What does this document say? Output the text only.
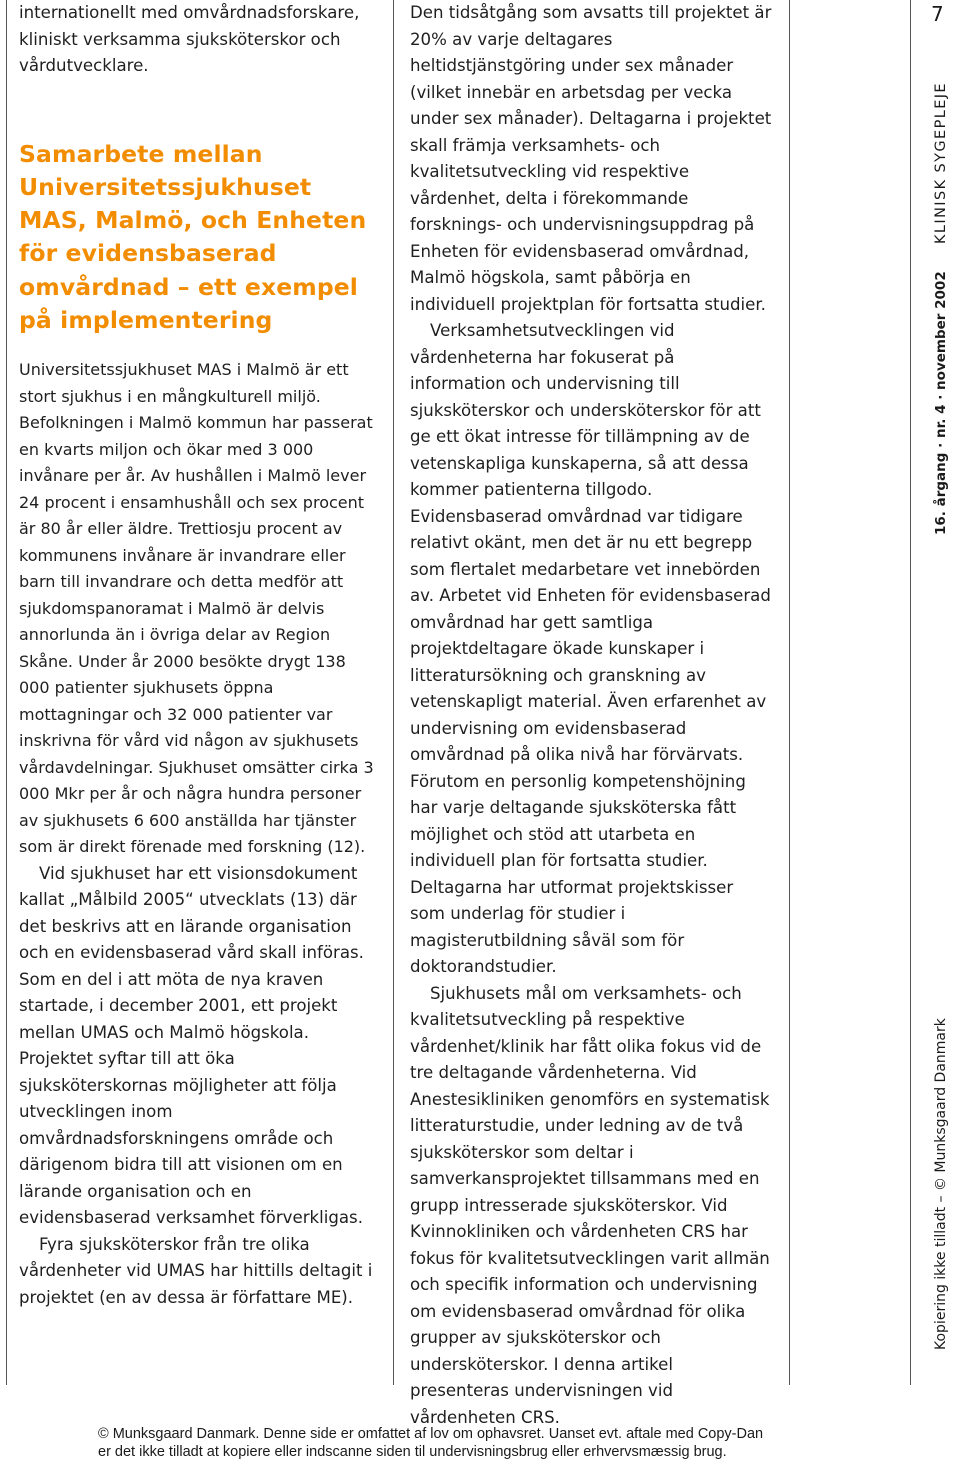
internationellt med omvårdnadsforskare, kliniskt verksamma sjuksköterskor och vårdutvecklare.

Samarbete mellan Universitetssjukhuset MAS, Malmö, och Enheten för evidensbaserad omvårdnad – ett exempel på implementering

Universitetssjukhuset MAS i Malmö är ett stort sjukhus i en mångkulturell miljö. Befolkningen i Malmö kommun har passerat en kvarts miljon och ökar med 3 000 invånare per år. Av hushållen i Malmö lever 24 procent i ensamhushåll och sex procent är 80 år eller äldre. Trettiosju procent av kommunens invånare är invandrare eller barn till invandrare och detta medför att sjukdomspanoramat i Malmö är delvis annorlunda än i övriga delar av Region Skåne. Under år 2000 besökte drygt 138 000 patienter sjukhusets öppna mottagningar och 32 000 patienter var inskrivna för vård vid någon av sjukhusets vårdavdelningar. Sjukhuset omsätter cirka 3 000 Mkr per år och några hundra personer av sjukhusets 6 600 anställda har tjänster som är direkt förenade med forskning (12).

Vid sjukhuset har ett visionsdokument kallat „Målbild 2005“ utvecklats (13) där det beskrivs att en lärande organisation och en evidensbaserad vård skall införas. Som en del i att möta de nya kraven startade, i december 2001, ett projekt mellan UMAS och Malmö högskola. Projektet syftar till att öka sjuksköterskornas möjligheter att följa utvecklingen inom omvårdnadsforskningens område och därigenom bidra till att visionen om en lärande organisation och en evidensbaserad verksamhet förverkligas.

Fyra sjuksköterskor från tre olika vårdenheter vid UMAS har hittills deltagit i projektet (en av dessa är författare ME).

Den tidsåtgång som avsatts till projektet är 20% av varje deltagares heltidstjänstgöring under sex månader (vilket innebär en arbetsdag per vecka under sex månader). Deltagarna i projektet skall främja verksamhets- och kvalitetsutveckling vid respektive vårdenhet, delta i förekommande forsknings- och undervisningsuppdrag på Enheten för evidensbaserad omvårdnad, Malmö högskola, samt påbörja en individuell projektplan för fortsatta studier.

Verksamhetsutvecklingen vid vårdenheterna har fokuserat på information och undervisning till sjuksköterskor och undersköterskor för att ge ett ökat intresse för tillämpning av de vetenskapliga kunskaperna, så att dessa kommer patienterna tillgodo. Evidensbaserad omvårdnad var tidigare relativt okänt, men det är nu ett begrepp som flertalet medarbetare vet innebörden av. Arbetet vid Enheten för evidensbaserad omvårdnad har gett samtliga projektdeltagare ökade kunskaper i litteratursökning och granskning av vetenskapligt material. Även erfarenhet av undervisning om evidensbaserad omvårdnad på olika nivå har förvärvats. Förutom en personlig kompetenshöjning har varje deltagande sjuksköterska fått möjlighet och stöd att utarbeta en individuell plan för fortsatta studier. Deltagarna har utformat projektskisser som underlag för studier i magisterutbildning såväl som för doktorandstudier.

Sjukhusets mål om verksamhets- och kvalitetsutveckling på respektive vårdenhet/klinik har fått olika fokus vid de tre deltagande vårdenheterna. Vid Anestesikliniken genomförs en systematisk litteraturstudie, under ledning av de två sjuksköterskor som deltar i samverkansprojektet tillsammans med en grupp intresserade sjuksköterskor. Vid Kvinnokliniken och vårdenheten CRS har fokus för kvalitetsutvecklingen varit allmän och specifik information och undervisning om evidensbaserad omvårdnad för olika grupper av sjuksköterskor och undersköterskor. I denna artikel presenteras undervisningen vid vårdenheten CRS.

7
KLINISK SYGEPLEJE
16. årgang · nr. 4 · november 2002
Kopiering ikke tilladt – © Munksgaard Danmark
© Munksgaard Danmark. Denne side er omfattet af lov om ophavsret. Uanset evt. aftale med Copy-Dan
er det ikke tilladt at kopiere eller indscanne siden til undervisningsbrug eller erhvervsmæssig brug.
